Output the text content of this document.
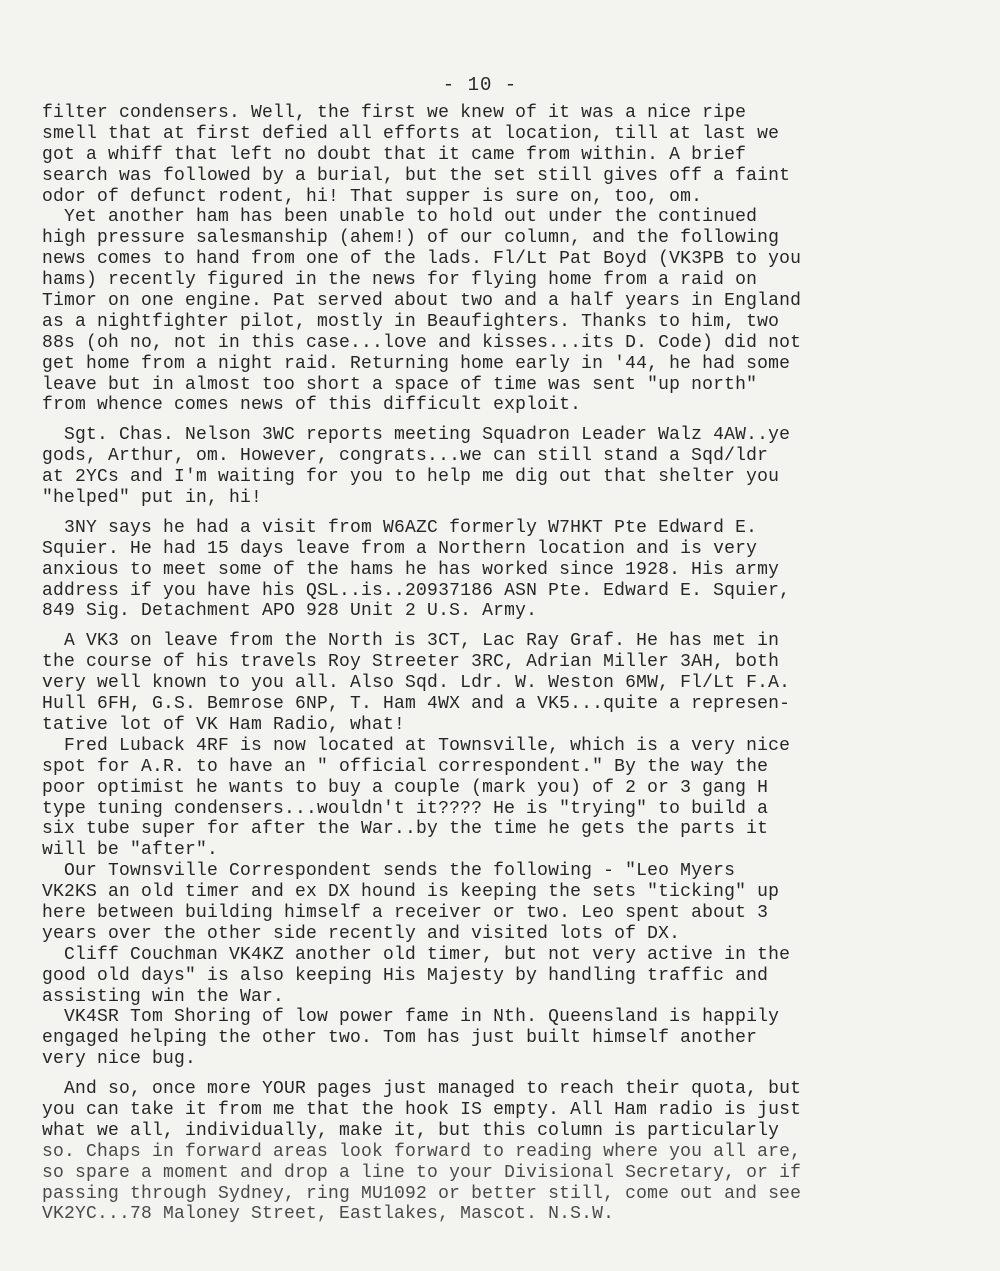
- 10 -
filter condensers. Well, the first we knew of it was a nice ripe
smell that at first defied all efforts at location, till at last we
got a whiff that left no doubt that it came from within. A brief
search was followed by a burial, but the set still gives off a faint
odor of defunct rodent, hi! That supper is sure on, too, om.
Yet another ham has been unable to hold out under the continued
high pressure salesmanship (ahem!) of our column, and the following
news comes to hand from one of the lads. Fl/Lt Pat Boyd (VK3PB to you
hams) recently figured in the news for flying home from a raid on
Timor on one engine. Pat served about two and a half years in England
as a nightfighter pilot, mostly in Beaufighters. Thanks to him, two
88s (oh no, not in this case...love and kisses...its D. Code) did not
get home from a night raid. Returning home early in '44, he had some
leave but in almost too short a space of time was sent "up north"
from whence comes news of this difficult exploit.
Sgt. Chas. Nelson 3WC reports meeting Squadron Leader Walz 4AW..ye
gods, Arthur, om. However, congrats...we can still stand a Sqd/ldr
at 2YCs and I'm waiting for you to help me dig out that shelter you
"helped" put in, hi!
3NY says he had a visit from W6AZC formerly W7HKT Pte Edward E.
Squier. He had 15 days leave from a Northern location and is very
anxious to meet some of the hams he has worked since 1928. His army
address if you have his QSL..is..20937186 ASN Pte. Edward E. Squier,
849 Sig. Detachment APO 928 Unit 2 U.S. Army.
A VK3 on leave from the North is 3CT, Lac Ray Graf. He has met in
the course of his travels Roy Streeter 3RC, Adrian Miller 3AH, both
very well known to you all. Also Sqd. Ldr. W. Weston 6MW, Fl/Lt F.A.
Hull 6FH, G.S. Bemrose 6NP, T. Ham 4WX and a VK5...quite a represen-
tative lot of VK Ham Radio, what!
Fred Luback 4RF is now located at Townsville, which is a very nice
spot for A.R. to have an " official correspondent." By the way the
poor optimist he wants to buy a couple (mark you) of 2 or 3 gang H
type tuning condensers...wouldn't it???? He is "trying" to build a
six tube super for after the War..by the time he gets the parts it
will be "after".
Our Townsville Correspondent sends the following - "Leo Myers
VK2KS an old timer and ex DX hound is keeping the sets "ticking" up
here between building himself a receiver or two. Leo spent about 3
years over the other side recently and visited lots of DX.
Cliff Couchman VK4KZ another old timer, but not very active in the
good old days" is also keeping His Majesty by handling traffic and
assisting win the War.
VK4SR Tom Shoring of low power fame in Nth. Queensland is happily
engaged helping the other two. Tom has just built himself another
very nice bug.
And so, once more YOUR pages just managed to reach their quota, but
you can take it from me that the hook IS empty. All Ham radio is just
what we all, individually, make it, but this column is particularly
so. Chaps in forward areas look forward to reading where you all are,
so spare a moment and drop a line to your Divisional Secretary, or if
passing through Sydney, ring MU1092 or better still, come out and see
VK2YC...78 Maloney Street, Eastlakes, Mascot. N.S.W.
